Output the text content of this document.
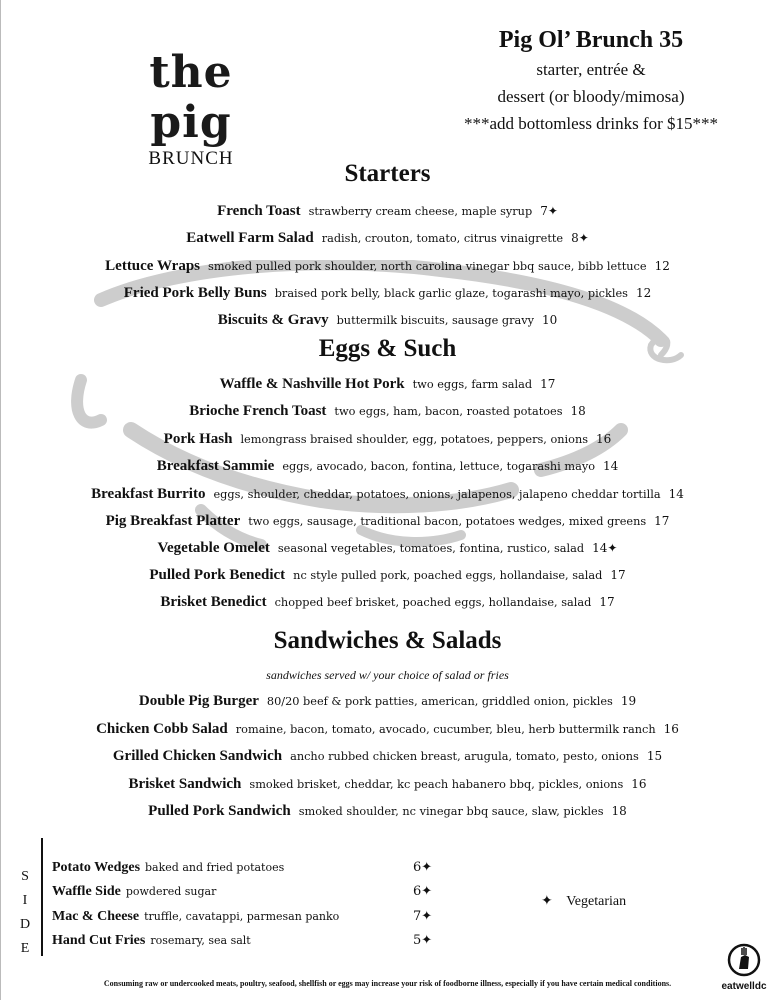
the pig
BRUNCH
Pig Ol’ Brunch 35
starter, entrée &
dessert (or bloody/mimosa)
***add bottomless drinks for $15***
Starters
French Toast strawberry cream cheese, maple syrup 7✦
Eatwell Farm Salad radish, crouton, tomato, citrus vinaigrette 8✦
Lettuce Wraps smoked pulled pork shoulder, north carolina vinegar bbq sauce, bibb lettuce 12
Fried Pork Belly Buns braised pork belly, black garlic glaze, togarashi mayo, pickles 12
Biscuits & Gravy buttermilk biscuits, sausage gravy 10
Eggs & Such
Waffle & Nashville Hot Pork two eggs, farm salad 17
Brioche French Toast two eggs, ham, bacon, roasted potatoes 18
Pork Hash lemongrass braised shoulder, egg, potatoes, peppers, onions 16
Breakfast Sammie eggs, avocado, bacon, fontina, lettuce, togarashi mayo 14
Breakfast Burrito eggs, shoulder, cheddar, potatoes, onions, jalapenos, jalapeno cheddar tortilla 14
Pig Breakfast Platter two eggs, sausage, traditional bacon, potatoes wedges, mixed greens 17
Vegetable Omelet seasonal vegetables, tomatoes, fontina, rustico, salad 14✦
Pulled Pork Benedict nc style pulled pork, poached eggs, hollandaise, salad 17
Brisket Benedict chopped beef brisket, poached eggs, hollandaise, salad 17
Sandwiches & Salads
sandwiches served w/ your choice of salad or fries
Double Pig Burger 80/20 beef & pork patties, american, griddled onion, pickles 19
Chicken Cobb Salad romaine, bacon, tomato, avocado, cucumber, bleu, herb buttermilk ranch 16
Grilled Chicken Sandwich ancho rubbed chicken breast, arugula, tomato, pesto, onions 15
Brisket Sandwich smoked brisket, cheddar, kc peach habanero bbq, pickles, onions 16
Pulled Pork Sandwich smoked shoulder, nc vinegar bbq sauce, slaw, pickles 18
S
I
D
E
Potato Wedges baked and fried potatoes	6✦
Waffle Side powdered sugar	6✦
Mac & Cheese truffle, cavatappi, parmesan panko	7✦
Hand Cut Fries rosemary, sea salt	5✦
✦ Vegetarian
eatwelldc
Consuming raw or undercooked meats, poultry, seafood, shellfish or eggs may increase your risk of foodborne illness, especially if you have certain medical conditions.
